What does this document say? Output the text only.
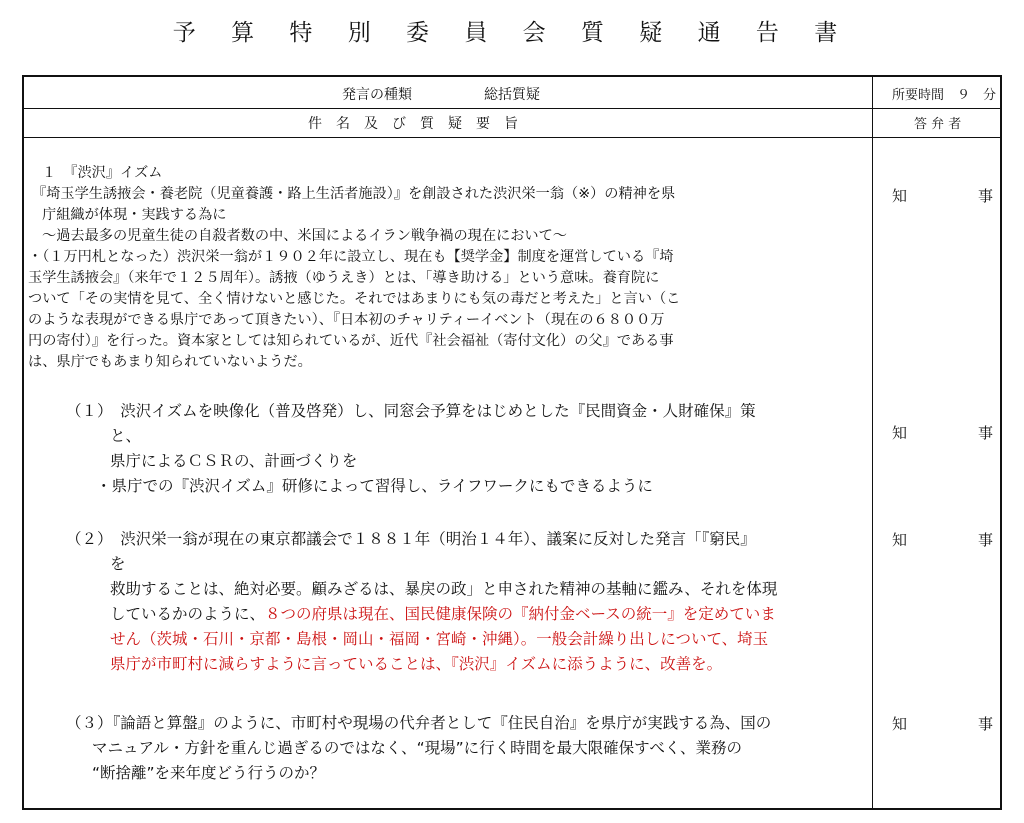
予 算 特 別 委 員 会 質 疑 通 告 書
発言の種類	総括質疑	所要時間　９　分
件　名　及　び　質　疑　要　旨	答 弁 者
１　『渋沢』イズム
『埼玉学生誘掖会・養老院（児童養護・路上生活者施設）』を創設された渋沢栄一翁（※）の精神を県
庁組織が体現・実践する為に
～過去最多の児童生徒の自殺者数の中、米国によるイラン戦争禍の現在において～
・（１万円札となった）渋沢栄一翁が１９０２年に設立し、現在も【奨学金】制度を運営している『埼
玉学生誘掖会』（来年で１２５周年）。誘掖（ゆうえき）とは、「導き助ける」という意味。養育院に
ついて「その実情を見て、全く情けないと感じた。それではあまりにも気の毒だと考えた」と言い（こ
のような表現ができる県庁であって頂きたい）、『日本初のチャリティーイベント（現在の６８００万
円の寄付）』を行った。資本家としては知られているが、近代『社会福祉（寄付文化）の父』である事
は、県庁でもあまり知られていないようだ。
知	事
（１）　渋沢イズムを映像化（普及啓発）し、同窓会予算をはじめとした『民間資金・人財確保』策
と、
県庁によるＣＳＲの、計画づくりを
・県庁での『渋沢イズム』研修によって習得し、ライフワークにもできるように
知	事
（２）　渋沢栄一翁が現在の東京都議会で１８８１年（明治１４年）、議案に反対した発言「『窮民』
を
救助することは、絶対必要。顧みざるは、暴戻の政」と申された精神の基軸に鑑み、それを体現
しているかのように、８つの府県は現在、国民健康保険の『納付金ベースの統一』を定めていま
せん（茨城・石川・京都・島根・岡山・福岡・宮崎・沖縄）。一般会計繰り出しについて、埼玉
県庁が市町村に減らすように言っていることは、『渋沢』イズムに添うように、改善を。
知	事
（３）『論語と算盤』のように、市町村や現場の代弁者として『住民自治』を県庁が実践する為、国の
マニュアル・方針を重んじ過ぎるのではなく、“現場”に行く時間を最大限確保すべく、業務の
“断捨離”を来年度どう行うのか？
知	事
